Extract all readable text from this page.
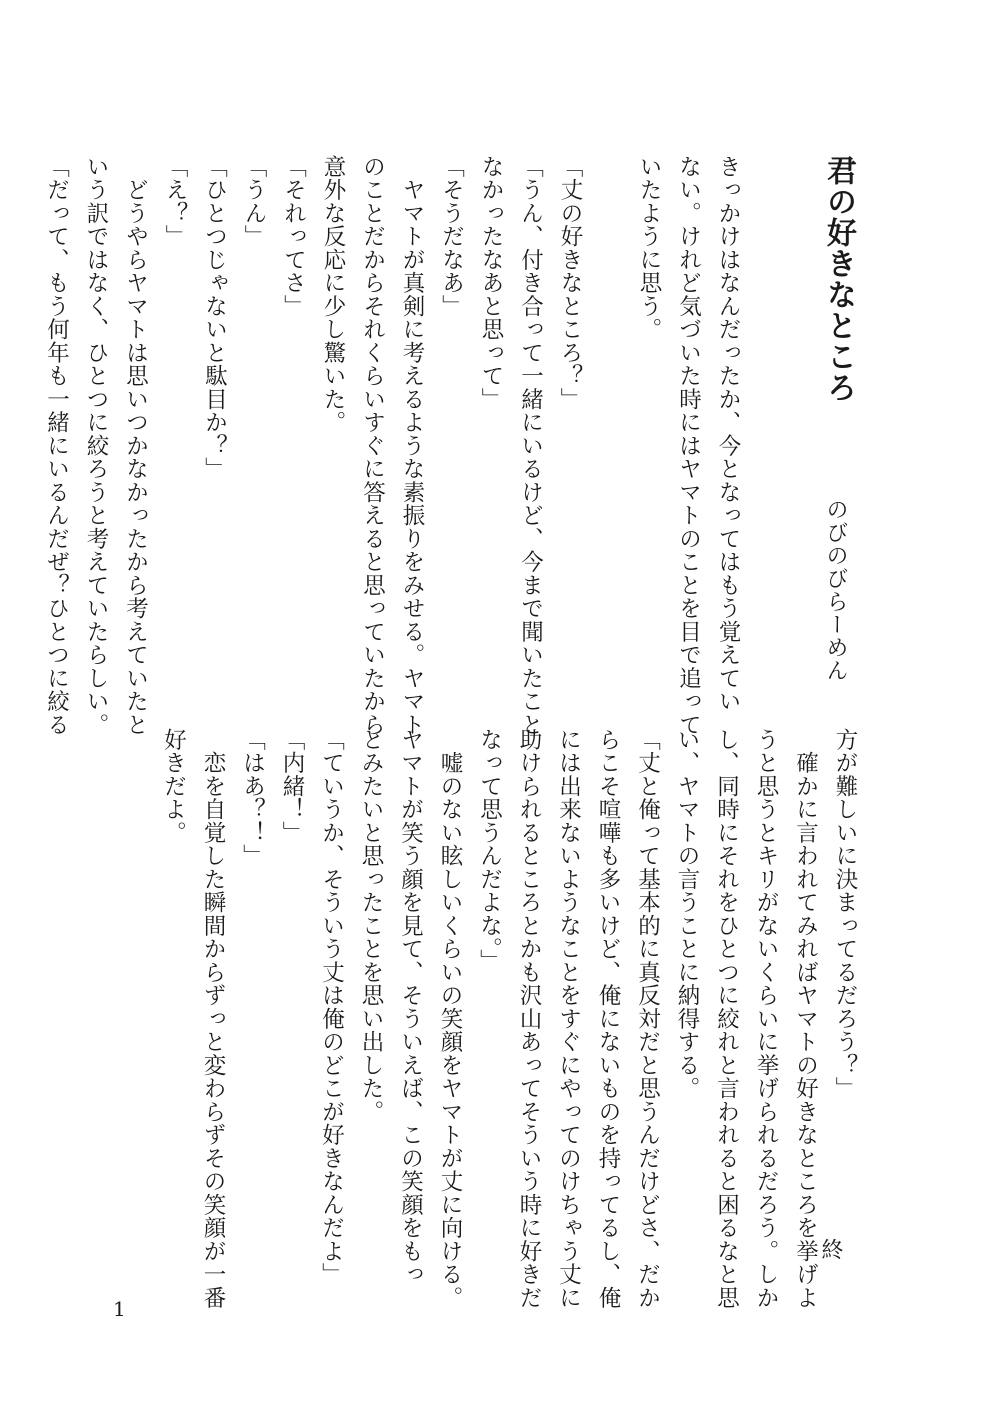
君の好きなところ

のびのびらーめん

きっかけはなんだったか、今となってはもう覚えてい
ない。けれど気づいた時にはヤマトのことを目で追って
いたように思う。

「丈の好きなところ？」
「うん、付き合って一緒にいるけど、今まで聞いたこと
なかったなあと思って」
「そうだなあ」
　ヤマトが真剣に考えるような素振りをみせる。ヤマト
のことだからそれくらいすぐに答えると思っていたから
意外な反応に少し驚いた。
「それってさ」
「うん」
「ひとつじゃないと駄目か？」
「え？」
　どうやらヤマトは思いつかなかったから考えていたと
いう訳ではなく、ひとつに絞ろうと考えていたらしい。
「だって、もう何年も一緒にいるんだぜ？ひとつに絞る

方が難しいに決まってるだろう？」
　確かに言われてみればヤマトの好きなところを挙げよ
うと思うとキリがないくらいに挙げられるだろう。しか
し、同時にそれをひとつに絞れと言われると困るなと思
い、ヤマトの言うことに納得する。
「丈と俺って基本的に真反対だと思うんだけどさ、だか
らこそ喧嘩も多いけど、俺にないものを持ってるし、俺
には出来ないようなことをすぐにやってのけちゃう丈に
助けられるところとかも沢山あってそういう時に好きだ
なって思うんだよな。」
　嘘のない眩しいくらいの笑顔をヤマトが丈に向ける。
ヤマトが笑う顔を見て、そういえば、この笑顔をもっ
とみたいと思ったことを思い出した。
「ていうか、そういう丈は俺のどこが好きなんだよ」
「内緒！」
「はあ？！」
　恋を自覚した瞬間からずっと変わらずその笑顔が一番
好きだよ。

終

1
